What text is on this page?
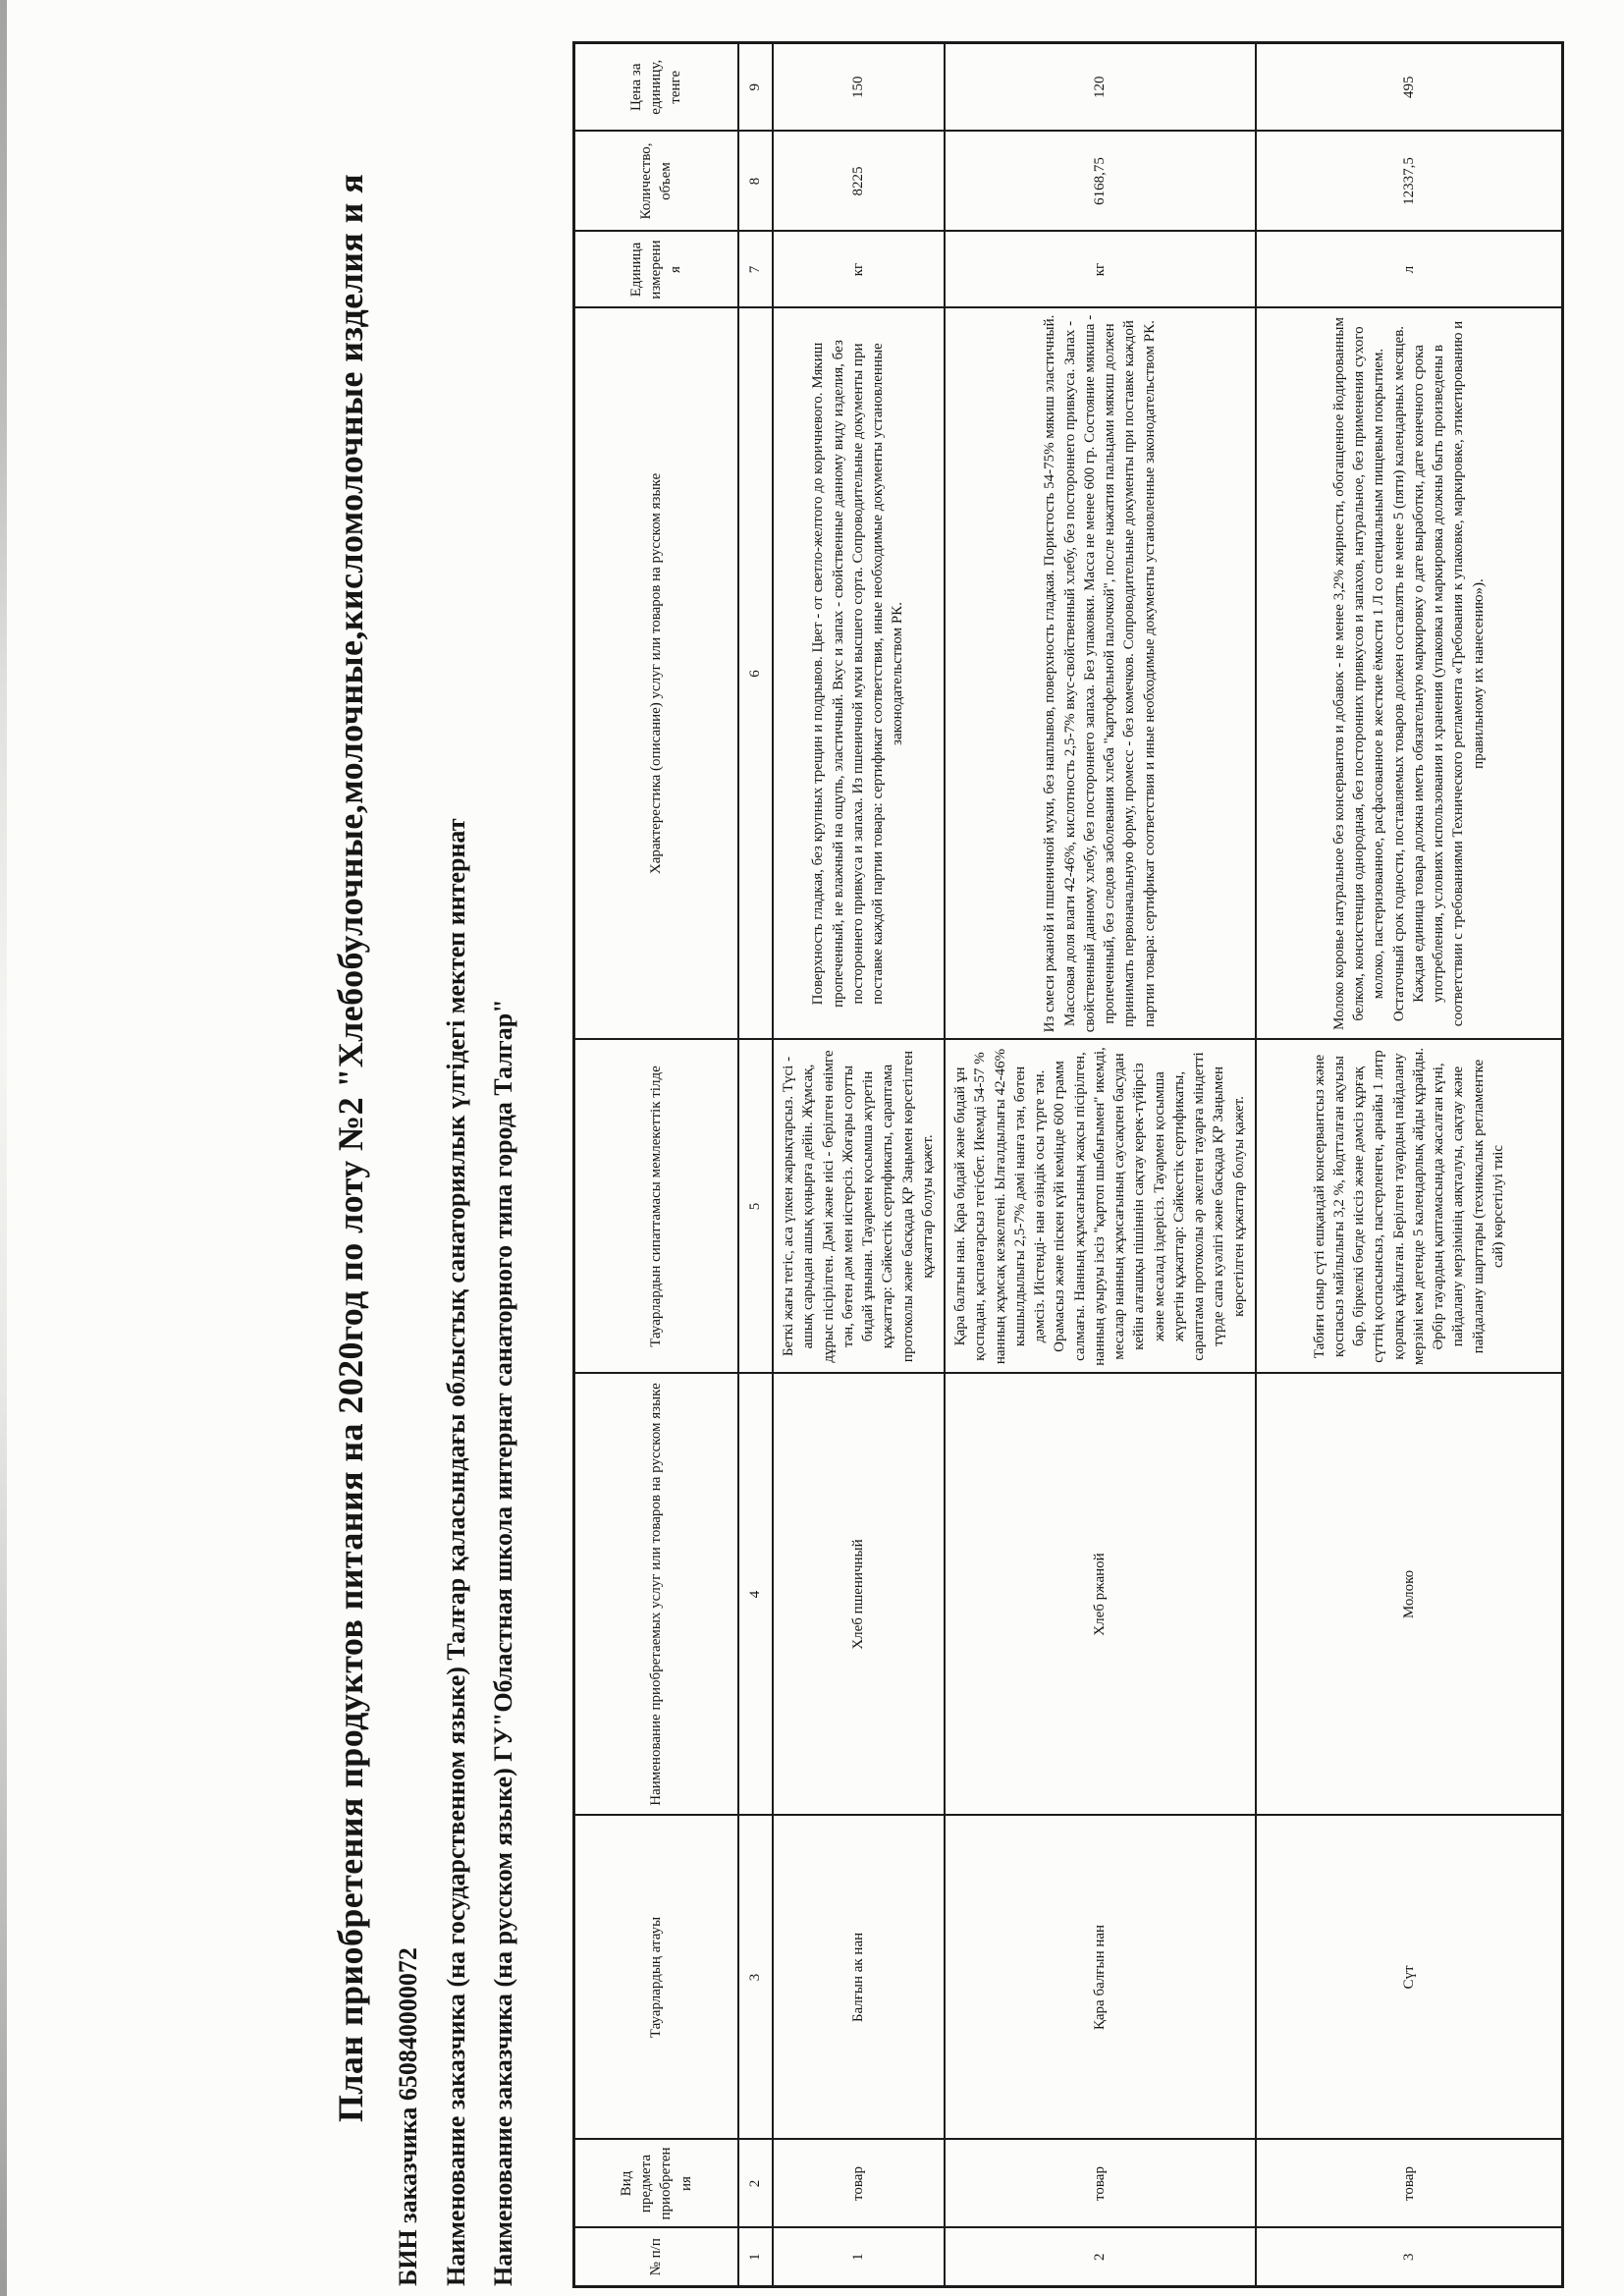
План приобретения продуктов питания на 2020год по лоту №2 "Хлебобулочные,молочные,кисломолочные изделия и я БИН заказчика 650840000072 Наименование заказчика (на государственном языке) Талғар қаласындағы облыстық санаториялык үлгідегі мектеп интернат Наименование заказчика (на русском языке) ГУ"Областная школа интернат санаторного типа города Талгар"	№ п/п	Вид предмета приобретения	Тауарлардың атауы	Наименование приобретаемых услуг или товаров на русском языке	Тауарлардын сипаттамасы мемлекеттік тілде	Характерестика (описание) услуг или товаров на русском языке	Единица измерения	Количество, объем	Цена за единицу, тенге
1	2	3	4	5	6	7	8	9
1	товар	Балғын ак нан	Хлеб пшеничный	Беткі жағы тегіс, аса үлкен жарықтарсыз. Түсі - ашық сарыдан ашық қоңырға дейін. Жұмсақ, дұрыс пісірілген. Дәмі және иісі - берілген өнімге тән, бөтен дәм мен иістерсіз. Жоғары сортты бидай ұнынан. Тауармен қосымша жүретін құжаттар: Сәйкестік сертификаты, сараптама протоколы және басқада ҚР Заңымен көрсетілген құжаттар болуы қажет.	Поверхность гладкая, без крупных трещин и подрывов. Цвет - от светло-желтого до коричневого. Мякиш пропеченный, не влажный на ощупь, эластичный. Вкус и запах - свойственные данному виду изделия, без постороннего привкуса и запаха. Из пшеничной муки высшего сорта. Сопроводительные документы при поставке каждой партии товара: сертификат соответствия, иные необходимые документы установленные законодательством РК.	кг	8225	150
2	товар	Қара балғын нан	Хлеб ржаной	Қара балғын нан. Қара бидай және бидай ұн қоспадан, қаспаөтарсыз тегісбет. Икемді 54-57 % нанның жұмсақ кезкелгені. Ылғалдылығы 42-46% кышылдылығы 2,5-7% дәмі нанға тән, бөтен дәмсіз. Иістенді- нан өзіндік осы түрге тән. Орамасыз және піскен күйі кемінде 600 грамм салмағы. Нанның жұмсағының жақсы пісірілген, нанның ауыруы ізсіз "қартоп шыбығымен" икемді, месалар нанның жұмсағының саусақпен басудан кейін алғашқы пішіннін сақтау керек-түйірсіз және месалад іздерісіз. Тауармен қосымша жүретін құжаттар: Сәйкестік сертификаты, сараптама протоколы әр әкелген тауарға міндетті түрде сапа куәлігі және басқада ҚР Заңымен көрсетілген құжаттар болуы қажет.	Из смеси ржаной и пшеничной муки, без наплывов, поверхность гладкая. Пористость 54-75% мякиш эластичный. Массовая доля влаги 42-46%, кислотность 2,5-7% вкус-свойственный хлебу, без постороннего привкуса. Запах - свойственный данному хлебу, без постороннего запаха. Без упаковки. Масса не менее 600 гр. Состояние мякиша - пропеченный, без следов заболевания хлеба "картофельной палочкой", после нажатия пальцами мякиш должен принимать первоначальную форму, промесс - без комечков. Сопроводительные документы при поставке каждой партии товара: сертификат соответствия и иные необходимые документы установленные законодательством РК.	кг	6168,75	120
3	товар	Сүт	Молоко	Табиғи сиыр сүті ешқандай консервантсыз және қоспасыз майлылығы 3,2 %, йодтталған ақуызы бар, біркелкі бөгде иіссіз және дәмсіз құрғақ сүттің қоспасынсыз, пастерленген, арнайы 1 литр қорапқа құйылған. Берілген тауардың пайдалану мерзімі кем дегенде 5 календарлық айды құрайды. Әрбір тауардың қаптамасында жасалған күні, пайдалану мерзімінің аяқталуы, сақтау және пайдалану шарттары (техникалык регламентке сай) көрсетілуі тиіс	Молоко коровье натуральное без консервантов и добавок - не менее 3,2% жирности, обогащенное йодированным белком, консистенция однородная, без посторонних привкусов и запахов, натуральное, без применения сухого молоко, пастеризованное, расфасованное в жесткие ёмкости 1 Л со специальным пищевым покрытием. Остаточный срок годности, поставляемых товаров должен составлять не менее 5 (пяти) календарных месяцев. Каждая единица товара должна иметь обязательную маркировку о дате выработки, дате конечного срока употребления, условиях использования и хранения (упаковка и маркировка должны быть произведены в соответствии с требованиями Технического регламента «Требования к упаковке, маркировке, этикетированию и правильному их нанесению»).	л	12337,5	495
